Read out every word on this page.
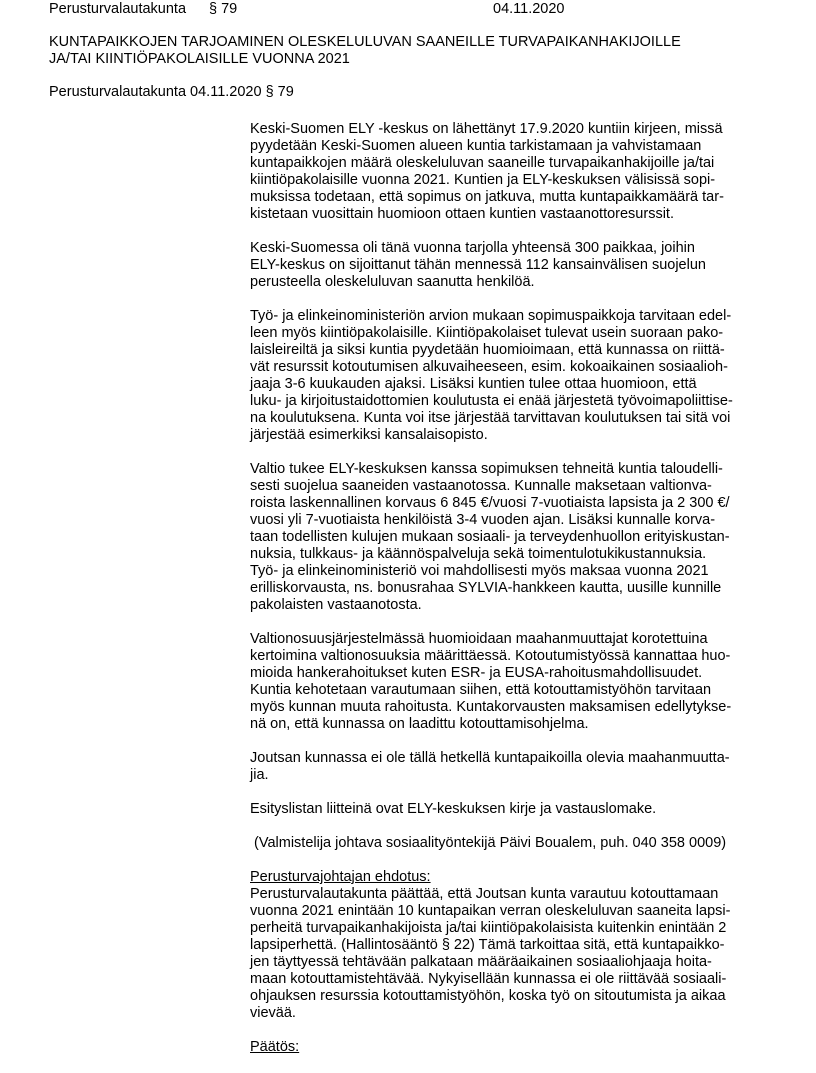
Perusturvalautakunta § 79	04.11.2020
KUNTAPAIKKOJEN TARJOAMINEN OLESKELULUVAN SAANEILLE TURVAPAIKANHAKIJOILLE
JA/TAI KIINTIÖPAKOLAISILLE VUONNA 2021
Perusturvalautakunta 04.11.2020 § 79
Keski-Suomen ELY -keskus on lähettänyt 17.9.2020 kuntiin kirjeen, missä
pyydetään Keski-Suomen alueen kuntia tarkistamaan ja vahvistamaan
kuntapaikkojen määrä oleskeluluvan saaneille turvapaikanhakijoille ja/tai
kiintiöpakolaisille vuonna 2021. Kuntien ja ELY-keskuksen välisissä sopi-
muksissa todetaan, että sopimus on jatkuva, mutta kuntapaikkamäärä tar-
kistetaan vuosittain huomioon ottaen kuntien vastaanottoresurssit.
Keski-Suomessa oli tänä vuonna tarjolla yhteensä 300 paikkaa, joihin
ELY-keskus on sijoittanut tähän mennessä 112 kansainvälisen suojelun
perusteella oleskeluluvan saanutta henkilöä.
Työ- ja elinkeinoministeriön arvion mukaan sopimuspaikkoja tarvitaan edel-
leen myös kiintiöpakolaisille. Kiintiöpakolaiset tulevat usein suoraan pako-
laisleireiltä ja siksi kuntia pyydetään huomioimaan, että kunnassa on riittä-
vät resurssit kotoutumisen alkuvaiheeseen, esim. kokoaikainen sosiaalioh-
jaaja 3-6 kuukauden ajaksi. Lisäksi kuntien tulee ottaa huomioon, että
luku- ja kirjoitustaidottomien koulutusta ei enää järjestetä työvoimapoliittise-
na koulutuksena. Kunta voi itse järjestää tarvittavan koulutuksen tai sitä voi
järjestää esimerkiksi kansalaisopisto.
Valtio tukee ELY-keskuksen kanssa sopimuksen tehneitä kuntia taloudelli-
sesti suojelua saaneiden vastaanotossa. Kunnalle maksetaan valtionva-
roista laskennallinen korvaus 6 845 €/vuosi 7-vuotiaista lapsista ja 2 300 €/
vuosi yli 7-vuotiaista henkilöistä 3-4 vuoden ajan. Lisäksi kunnalle korva-
taan todellisten kulujen mukaan sosiaali- ja terveydenhuollon erityiskustan-
nuksia, tulkkaus- ja käännöspalveluja sekä toimentulotukikustannuksia.
Työ- ja elinkeinoministeriö voi mahdollisesti myös maksaa vuonna 2021
erilliskorvausta, ns. bonusrahaa SYLVIA-hankkeen kautta, uusille kunnille
pakolaisten vastaanotosta.
Valtionosuusjärjestelmässä huomioidaan maahanmuuttajat korotettuina
kertoimina valtionosuuksia määrittäessä. Kotoutumistyössä kannattaa huo-
mioida hankerahoitukset kuten ESR- ja EUSA-rahoitusmahdollisuudet.
Kuntia kehotetaan varautumaan siihen, että kotouttamistyöhön tarvitaan
myös kunnan muuta rahoitusta. Kuntakorvausten maksamisen edellytykse-
nä on, että kunnassa on laadittu kotouttamisohjelma.
Joutsan kunnassa ei ole tällä hetkellä kuntapaikoilla olevia maahanmuutta-
jia.
Esityslistan liitteinä ovat ELY-keskuksen kirje ja vastauslomake.
(Valmistelija johtava sosiaalityöntekijä Päivi Boualem, puh. 040 358 0009)
Perusturvajohtajan ehdotus:
Perusturvalautakunta päättää, että Joutsan kunta varautuu kotouttamaan
vuonna 2021 enintään 10 kuntapaikan verran oleskeluluvan saaneita lapsi-
perheitä turvapaikanhakijoista ja/tai kiintiöpakolaisista kuitenkin enintään 2
lapsiperhettä. (Hallintosääntö § 22) Tämä tarkoittaa sitä, että kuntapaikko-
jen täyttyessä tehtävään palkataan määräaikainen sosiaaliohjaaja hoita-
maan kotouttamistehtävää. Nykyisellään kunnassa ei ole riittävää sosiaali-
ohjauksen resurssia kotouttamistyöhön, koska työ on sitoutumista ja aikaa
vievää.
Päätös:
